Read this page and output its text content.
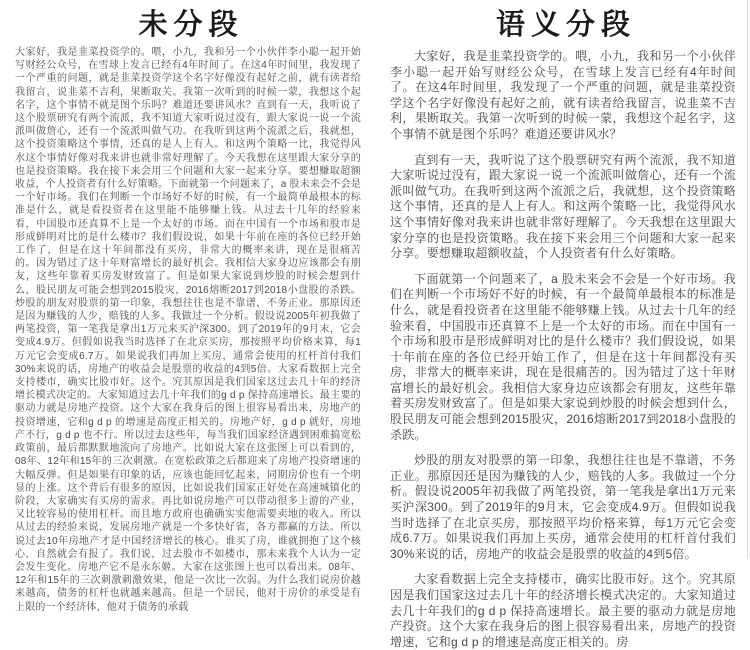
未分段
大家好，我是韭菜投资学的。喂，小九，我和另一个小伙伴李小聪一起开始写财经公众号，在雪球上发言已经有4年时间了。在这4年时间里，我发现了一个严重的问题，就是韭菜投资学这个名字好像没有起好之前，就有读者给我留言，说韭菜不吉利，果断取关。我第一次听到的时候一蒙，我想这个起名字，这个事情不就是图个乐吗？难道还要讲风水？直到有一天，我听说了这个股票研究有两个流派，我不知道大家听说过没有，跟大家说一说一个流派叫做詹心，还有一个流派叫做气功。在我听到这两个流派之后，我就想，这个投资策略这个事情，还真的是人上有人。和这两个策略一比，我觉得风水这个事情好像对我来讲也就非常好理解了。今天我想在这里跟大家分享的也是投资策略。我在接下来会用三个问题和大家一起来分享。要想赚取超额收益，个人投资者有什么好策略。下面就第一个问题来了，a 股未来会不会是一个好市场。我们在判断一个市场好不好的时候，有一个最简单最根本的标准是什么，就是看投资者在这里能不能够赚上钱。从过去十几年的经验来看，中国股市还真算不上是一个太好的市场。而在中国有一个市场和股市是形成鲜明对比的是什么楼市？我们假设说，如果十年前在座的各位已经开始工作了，但是在这十年间都没有买房，非常大的概率来讲，现在是很痛苦的。因为错过了这十年财富增长的最好机会。我相信大家身边应该都会有朋友，这些年靠着买房发财致富了。但是如果大家说到炒股的时候会想到什么，股民朋友可能会想到2015股灾，2016熔断2017到2018小盘股的杀跌。炒股的朋友对股票的第一印象，我想往往也是不靠谱，不务正业。那原因还是因为赚钱的人少，赔钱的人多。我做过一个分析。假设说2005年初我做了两笔投资，第一笔我是拿出1万元来买沪深300。到了2019年的9月末，它会变成4.9万。但假如说我当时选择了在北京买房，那按照平均价格来算，每1万元它会变成6.7万。如果说我们再加上买房，通常会使用的杠杆首付我们30%来说的话，房地产的收益会是股票的收益的4到5倍。大家看数据上完全支持楼市，确实比股市好。这个。究其原因是我们国家这过去几十年的经济增长模式决定的。大家知道过去几十年我们的g d p 保持高速增长。最主要的驱动力就是房地产投资。这个大家在我身后的图上很容易看出来，房地产的投资增速，它和g d p 的增速是高度正相关的。房地产好，g d p 就好，房地产不行，g d p 也不行。所以过去这些年，每当我们国家经济遇到困难搞宽松政策前，最后都默默地流向了房地产。比如说大家在这张图上可以看到的，08年、12年和15年的三次刺激。在宽松政策之后都迎来了房地产投资增速的大幅反弹。但是如果有印象的话，应该也能回忆起来，同期房价也有一个明显的上涨。这个背后有很多的原因，比如说我们国家正好处在高速城镇化的阶段，大家确实有买房的需求。再比如说房地产可以带动很多上游的产业，又比较容易的使用杠杆。而且地方政府也确确实实他需要卖地的收入。所以从过去的经验来说，发展房地产就是一个多快好省，各方都赢的方法。所以说过去10年房地产才是中国经济增长的核心。谁买了房，谁就拥抱了这个核心，自然就会有报了。我们说，过去股市不如楼市，那未来我个人认为一定会发生变化。房地产它不是永东姬。大家在这张图上也可以看出来。08年、12年和15年的三次刺激刺激效果，他是一次比一次弱。为什么我们说房价越来越高，债务的杠杆也就越来越高。但是一个居民，他对于房价的承受是有上限的一个经济体，他对于债务的承载
语义分段

大家好，我是韭菜投资学的。喂，小九，我和另一个小伙伴李小聪一起开始写财经公众号，在雪球上发言已经有4年时间了。在这4年时间里，我发现了一个严重的问题，就是韭菜投资学这个名字好像没有起好之前，就有读者给我留言，说韭菜不吉利，果断取关。我第一次听到的时候一蒙，我想这个起名字，这个事情不就是图个乐吗？难道还要讲风水？

直到有一天，我听说了这个股票研究有两个流派，我不知道大家听说过没有，跟大家说一说一个流派叫做詹心，还有一个流派叫做气功。在我听到这两个流派之后，我就想，这个投资策略这个事情，还真的是人上有人。和这两个策略一比，我觉得风水这个事情好像对我来讲也就非常好理解了。今天我想在这里跟大家分享的也是投资策略。我在接下来会用三个问题和大家一起来分享。要想赚取超额收益，个人投资者有什么好策略。

下面就第一个问题来了，a 股未来会不会是一个好市场。我们在判断一个市场好不好的时候，有一个最简单最根本的标准是什么，就是看投资者在这里能不能够赚上钱。从过去十几年的经验来看，中国股市还真算不上是一个太好的市场。而在中国有一个市场和股市是形成鲜明对比的是什么楼市？我们假设说，如果十年前在座的各位已经开始工作了，但是在这十年间都没有买房，非常大的概率来讲，现在是很痛苦的。因为错过了这十年财富增长的最好机会。我相信大家身边应该都会有朋友，这些年靠着买房发财致富了。但是如果大家说到炒股的时候会想到什么，股民朋友可能会想到2015股灾，2016熔断2017到2018小盘股的杀跌。

炒股的朋友对股票的第一印象，我想往往也是不靠谱，不务正业。那原因还是因为赚钱的人少，赔钱的人多。我做过一个分析。假设说2005年初我做了两笔投资，第一笔我是拿出1万元来买沪深300。到了2019年的9月末，它会变成4.9万。但假如说我当时选择了在北京买房，那按照平均价格来算，每1万元它会变成6.7万。如果说我们再加上买房，通常会使用的杠杆首付我们30%来说的话，房地产的收益会是股票的收益的4到5倍。

大家看数据上完全支持楼市，确实比股市好。这个。究其原因是我们国家这过去几十年的经济增长模式决定的。大家知道过去几十年我们的g d p 保持高速增长。最主要的驱动力就是房地产投资。这个大家在我身后的图上很容易看出来，房地产的投资增速，它和g d p 的增速是高度正相关的。房
